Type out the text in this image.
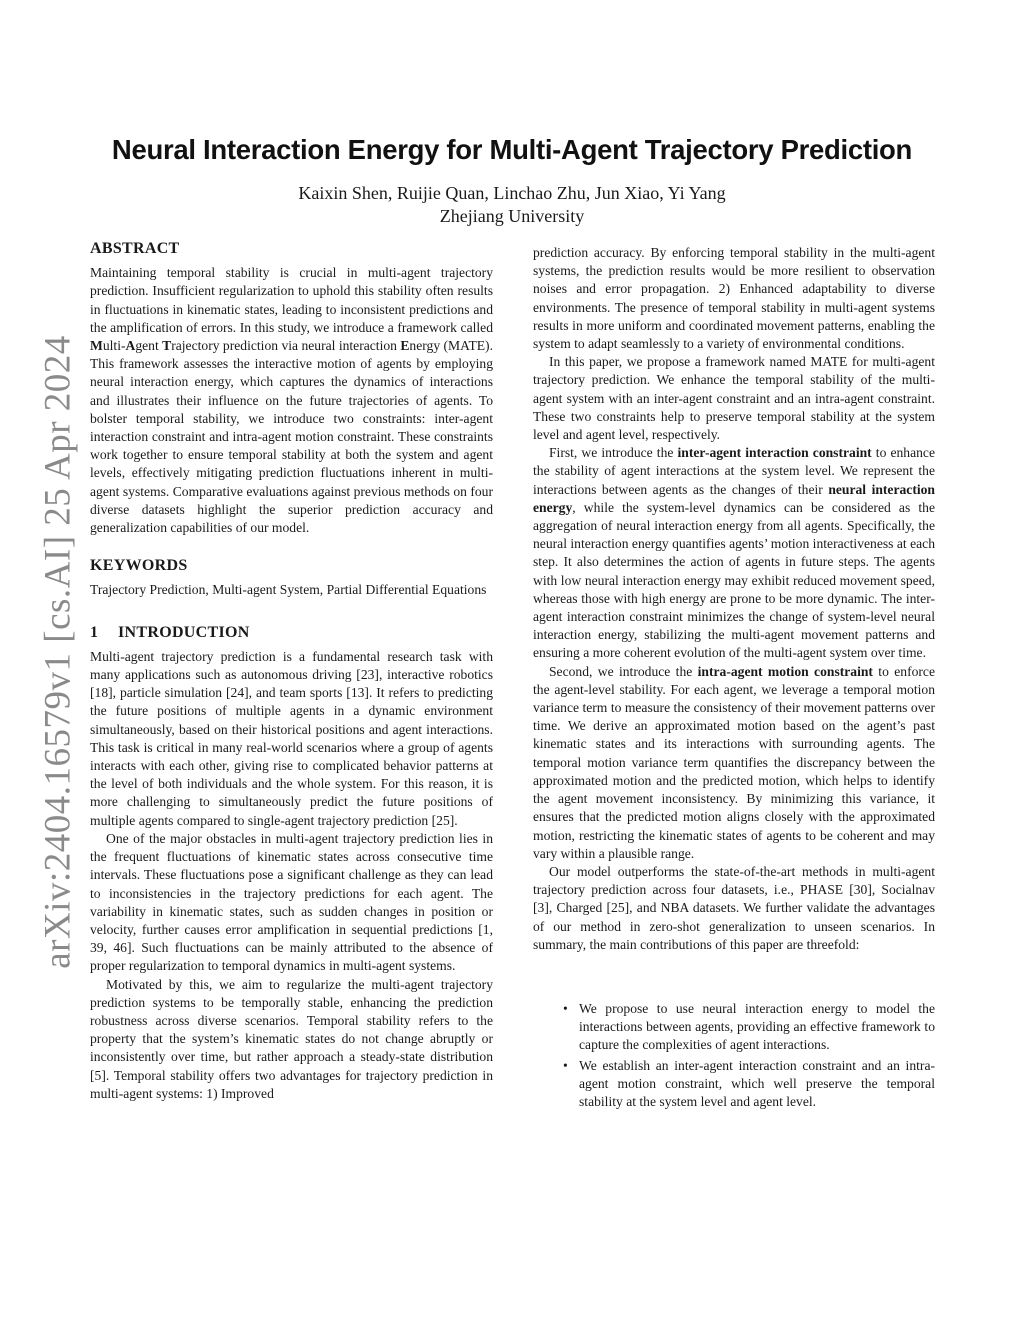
arXiv:2404.16579v1 [cs.AI] 25 Apr 2024
Neural Interaction Energy for Multi-Agent Trajectory Prediction
Kaixin Shen, Ruijie Quan, Linchao Zhu, Jun Xiao, Yi Yang
Zhejiang University
ABSTRACT

Maintaining temporal stability is crucial in multi-agent trajectory prediction. Insufficient regularization to uphold this stability often results in fluctuations in kinematic states, leading to inconsistent predictions and the amplification of errors. In this study, we introduce a framework called Multi-Agent Trajectory prediction via neural interaction Energy (MATE). This framework assesses the interactive motion of agents by employing neural interaction energy, which captures the dynamics of interactions and illustrates their influence on the future trajectories of agents. To bolster temporal stability, we introduce two constraints: inter-agent interaction constraint and intra-agent motion constraint. These constraints work together to ensure temporal stability at both the system and agent levels, effectively mitigating prediction fluctuations inherent in multi-agent systems. Comparative evaluations against previous methods on four diverse datasets highlight the superior prediction accuracy and generalization capabilities of our model.

KEYWORDS

Trajectory Prediction, Multi-agent System, Partial Differential Equations

1 INTRODUCTION

Multi-agent trajectory prediction is a fundamental research task with many applications such as autonomous driving [23], interactive robotics [18], particle simulation [24], and team sports [13]. It refers to predicting the future positions of multiple agents in a dynamic environment simultaneously, based on their historical positions and agent interactions. This task is critical in many real-world scenarios where a group of agents interacts with each other, giving rise to complicated behavior patterns at the level of both individuals and the whole system. For this reason, it is more challenging to simultaneously predict the future positions of multiple agents compared to single-agent trajectory prediction [25].

One of the major obstacles in multi-agent trajectory prediction lies in the frequent fluctuations of kinematic states across consecutive time intervals. These fluctuations pose a significant challenge as they can lead to inconsistencies in the trajectory predictions for each agent. The variability in kinematic states, such as sudden changes in position or velocity, further causes error amplification in sequential predictions [1, 39, 46]. Such fluctuations can be mainly attributed to the absence of proper regularization to temporal dynamics in multi-agent systems.

Motivated by this, we aim to regularize the multi-agent trajectory prediction systems to be temporally stable, enhancing the prediction robustness across diverse scenarios. Temporal stability refers to the property that the system’s kinematic states do not change abruptly or inconsistently over time, but rather approach a steady-state distribution [5]. Temporal stability offers two advantages for trajectory prediction in multi-agent systems: 1) Improved

prediction accuracy. By enforcing temporal stability in the multi-agent systems, the prediction results would be more resilient to observation noises and error propagation. 2) Enhanced adaptability to diverse environments. The presence of temporal stability in multi-agent systems results in more uniform and coordinated movement patterns, enabling the system to adapt seamlessly to a variety of environmental conditions.

In this paper, we propose a framework named MATE for multi-agent trajectory prediction. We enhance the temporal stability of the multi-agent system with an inter-agent constraint and an intra-agent constraint. These two constraints help to preserve temporal stability at the system level and agent level, respectively.

First, we introduce the inter-agent interaction constraint to enhance the stability of agent interactions at the system level. We represent the interactions between agents as the changes of their neural interaction energy, while the system-level dynamics can be considered as the aggregation of neural interaction energy from all agents. Specifically, the neural interaction energy quantifies agents’ motion interactiveness at each step. It also determines the action of agents in future steps. The agents with low neural interaction energy may exhibit reduced movement speed, whereas those with high energy are prone to be more dynamic. The inter-agent interaction constraint minimizes the change of system-level neural interaction energy, stabilizing the multi-agent movement patterns and ensuring a more coherent evolution of the multi-agent system over time.

Second, we introduce the intra-agent motion constraint to enforce the agent-level stability. For each agent, we leverage a temporal motion variance term to measure the consistency of their movement patterns over time. We derive an approximated motion based on the agent’s past kinematic states and its interactions with surrounding agents. The temporal motion variance term quantifies the discrepancy between the approximated motion and the predicted motion, which helps to identify the agent movement inconsistency. By minimizing this variance, it ensures that the predicted motion aligns closely with the approximated motion, restricting the kinematic states of agents to be coherent and may vary within a plausible range.

Our model outperforms the state-of-the-art methods in multi-agent trajectory prediction across four datasets, i.e., PHASE [30], Socialnav [3], Charged [25], and NBA datasets. We further validate the advantages of our method in zero-shot generalization to unseen scenarios. In summary, the main contributions of this paper are threefold:

• We propose to use neural interaction energy to model the interactions between agents, providing an effective framework to capture the complexities of agent interactions.
• We establish an inter-agent interaction constraint and an intra-agent motion constraint, which well preserve the temporal stability at the system level and agent level.
